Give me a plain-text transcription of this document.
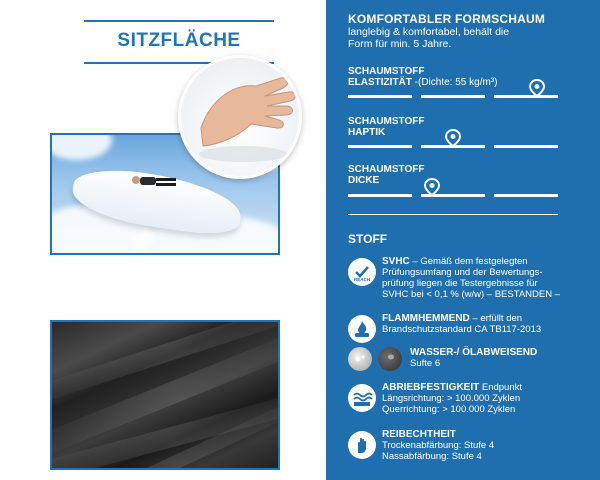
SITZFLÄCHE
KOMFORTABLER FORMSCHAUM
langlebig & komfortabel, behält die
Form für min. 5 Jahre.
SCHAUMSTOFF
ELASTIZITÄT -(Dichte: 55 kg/m³)
SCHAUMSTOFF
HAPTIK
SCHAUMSTOFF
DICKE
STOFF
REACH
SVHC – Gemäß dem festgelegten
Prüfungsumfang und der Bewertungs-
prüfung liegen die Testergebnisse für
SVHC bei < 0,1 % (w/w) – BESTANDEN –
FLAMMHEMMEND – erfüllt den
Brandschutzstandard CA TB117-2013
WASSER-/ ÖLABWEISEND
Sufte 6
ABRIEBFESTIGKEIT Endpunkt
Längsrichtung: > 100.000 Zyklen
Querrichtung: > 100.000 Zyklen
REIBECHTHEIT
Trockenabfärbung: Stufe 4
Nassabfärbung: Stufe 4
